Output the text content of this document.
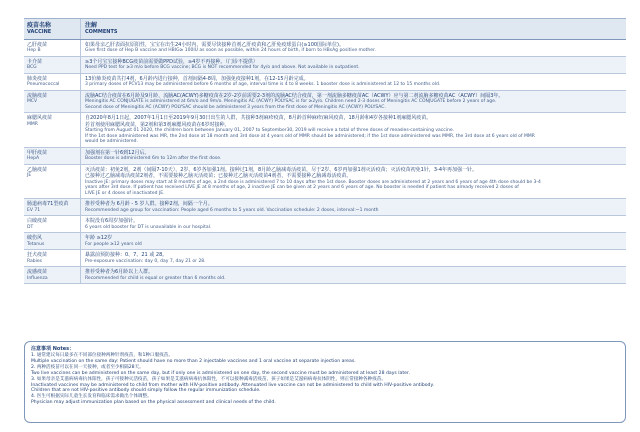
疫苗名称
VACCINE
注解
COMMENTS
乙肝疫苗
Hep B
如果母亲乙肝表面抗原阳性，宝宝在出生24小时内，需要尽快接种首剂乙肝疫苗和乙肝免疫球蛋白(≥100国际单位)。
Give first dose of Hep B vaccine and HBIG≥ 100IU as soon as possible, within 24 hours of birth, if born to HBsAg positive mother.
卡介苗
BCG
≥3个月宝宝接种BCG疫苗前需要做PPD试验，≥4岁不再接种。（门诊不提供）
Need PPD test for ≥3 m/o before BCG vaccine; BCG is NOT recommended for 4y/o and above. Not available in outpatient.
肺炎疫苗
Pneumococcal
13价肺炎疫苗共打4剂，6月龄内进行接种，首剂间隔4-8周，加强免疫接种1剂，在12-15月龄完成。
3 primary doses of PCV13 may be administered before 6 months of age, interval time is 4 to 8 weeks. 1 booster dose is administered at 12 to 15 months old.
流脑疫苗
MCV
流脑AC结合疫苗在6月龄及9月龄，流脑AC(ACWY)多糖疫苗在2岁-2岁前需要2-3剂的流脑AC结合疫苗，第一剂流脑多糖疫苗AC（ACWY）应与第二剂流脑多糖疫苗AC（ACWY）间隔3年。
Meningitis AC CONJUGATE is administered at 6m/o and 9m/o. Meningitis AC (ACWY) POLYSAC is for ≥2y/o. Children need 2-3 doses of Meningitis AC CONJUGATE before 2 years of age.
Second dose of Meningitis AC (ACWY) POLYSAC should be administered 3 years from the first dose of Meningitis AC (ACWY) POLYSAC.
麻腮风疫苗
MMR
自2020年8月1日起，2007年1月1日至2019年9月30日出生的人群，共接种3剂麻疹疫苗，8月龄首种麻疹/麻风疫苗，18月龄和4岁各接种1剂麻腮风疫苗。
若首剂使用麻腮风疫苗，第2剂和第3剂麻腮风疫苗在6岁时接种。
Starting from August 01 2020, the children born between January 01, 2007 to September30, 2019 will receive a total of three doses of measles-containing vaccine.
If the 1st dose administered was MR, the 2nd dose at 18 month and 3rd dose at 4 years old of MMR should be administered; if the 1st dose administered was MMR, the 3rd dose at 6 years old of MMR
would be administered.
甲肝疫苗
HepA
加强剂在第一针6到12月后。
Booster dose is administered 6m to 12m after the first dose.
乙脑疫苗
JE
灭活疫苗：初免2剂，2剂（间隔7-10天），2岁、6岁各加强1剂。接种过1剂，8月龄乙脑减毒活疫苗，尽于2岁、6岁再加强1剂灭活疫苗；灭活疫苗初免1针，3-4年再加强一针。
已接种过乙脑减毒活疫苗2剂者，不需要接种乙脑灭活疫苗；已接种过乙脑灭活疫苗4剂者，不需要接种乙脑减毒活疫苗。
Inactive JE: primary doses may start at 8 months of age, a 2nd dose is administered 7 to 10 days after the 1st dose. Booster doses are administered at 2 years and 6 years of age 4th dose should be 3-4
years after 3rd dose. If patient has received LIVE JE at 8 months of age, 2 inactive JE can be given at 2 years and 6 years of age. No booster is needed if patient has already received 2 doses of
LIVE JE or 4 doses of inactivated JE.
肠道病毒71型疫苗
EV 71
推荐受种者为 6月龄 - 5 岁人群。接种2剂，间隔一个月。
Recommended age group for vaccination: People aged 6 months to 5 years old. Vaccination schedule: 2 doses, interval:~1 month
白破疫苗
DT
本院没有6周岁加强针。
6 years old booster for DT is unavailable in our hospital.
破伤风
Tetanus
年龄 ≥12岁
For people ≥12 years old
狂犬疫苗
Rabies
暴露前预防接种：0、7、21 或 28。
Pre-exposure vaccination: day 0, day 7, day 21 or 28.
流感疫苗
Influenza
推荐受种者为6月龄以上人群。
Recommended for child is equal or greater than 6 months old.
注意事项 Notes：
1. 通常建议每日最多在不同部位接种两种针剂疫苗，和1种口服疫苗。
Multiple vaccination on the same day: Patient should have no more than 2 injectable vaccines and 1 oral vaccine at separate injection areas.
2. 两种活疫苗可以在同一天接种，或者至少相隔28天。
Two live vaccines can be administered on the same day, but if only one is administered on one day, the second vaccine must be administered at least 28 days later.
3. 如果母亲是艾滋病病毒抗体阳性，孩子可接种灭活疫苗，孩子如果是艾滋病病毒抗体阳性，不可以接种减毒活疫苗，孩子如果是艾滋病病毒抗体阴性，则正常接种各种疫苗。
Inactivated vaccines may be administered to child from mother with HIV-positive antibody. Attenuated live vaccine can not be administered to child with HIV-positive antibody.
Children that are not HIV-positive antibody should simply follow the regular immunization schedule.
4. 医生可根据实际儿童生长发育和临床需求做出个体调整。
Physician may adjust immunization plan based on the physical assessment and clinical needs of the child.
